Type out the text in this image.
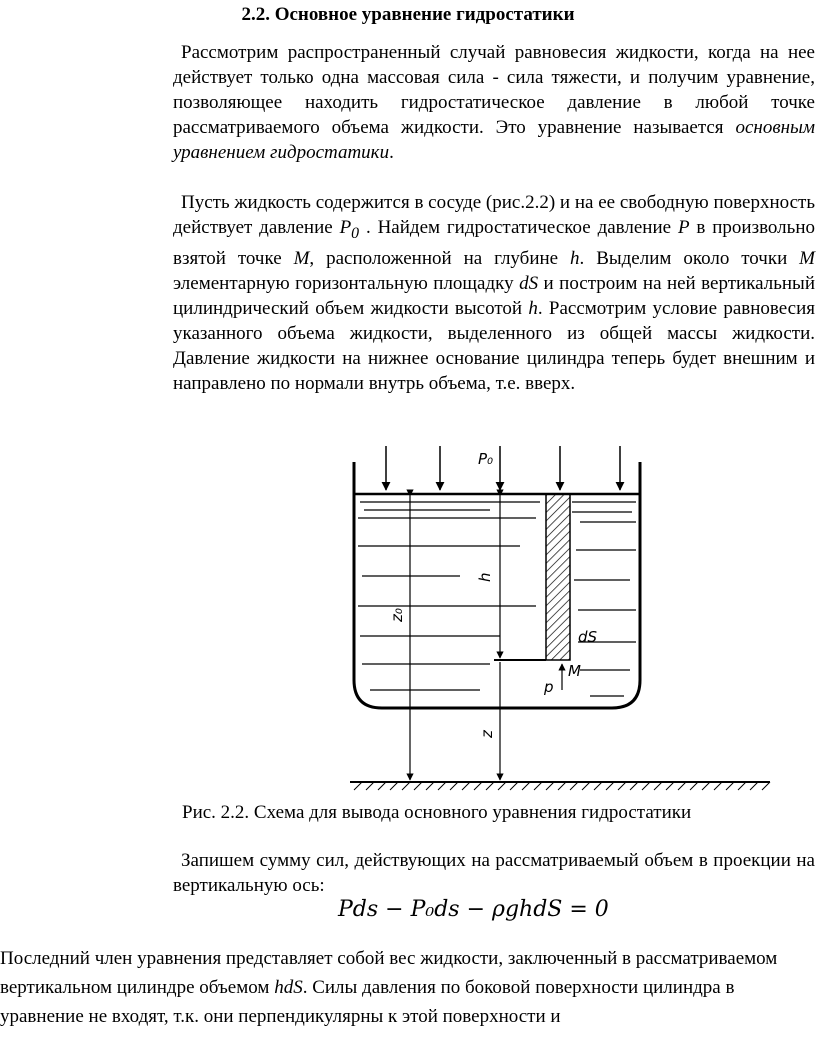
2.2. Основное уравнение гидростатики
Рассмотрим распространенный случай равновесия жидкости, когда на нее действует только одна массовая сила - сила тяжести, и получим уравнение, позволяющее находить гидростатическое давление в любой точке рассматриваемого объема жидкости. Это уравнение называется основным уравнением гидростатики.
Пусть жидкость содержится в сосуде (рис.2.2) и на ее свободную поверхность действует давление $P_0$ . Найдем гидростатическое давление P в произвольно взятой точке M, расположенной на глубине h. Выделим около точки M элементарную горизонтальную площадку dS и построим на ней вертикальный цилиндрический объем жидкости высотой h. Рассмотрим условие равновесия указанного объема жидкости, выделенного из общей массы жидкости. Давление жидкости на нижнее основание цилиндра теперь будет внешним и направлено по нормали внутрь объема, т.е. вверх.
P₀
h
z₀
z
dS
M
p
Рис. 2.2. Схема для вывода основного уравнения гидростатики
Запишем сумму сил, действующих на рассматриваемый объем в проекции на вертикальную ось:
Pds − P₀ds − ρghdS = 0
Последний член уравнения представляет собой вес жидкости, заключенный в рассматриваемом вертикальном цилиндре объемом hdS. Силы давления по боковой поверхности цилиндра в уравнение не входят, т.к. они перпендикулярны к этой поверхности и
